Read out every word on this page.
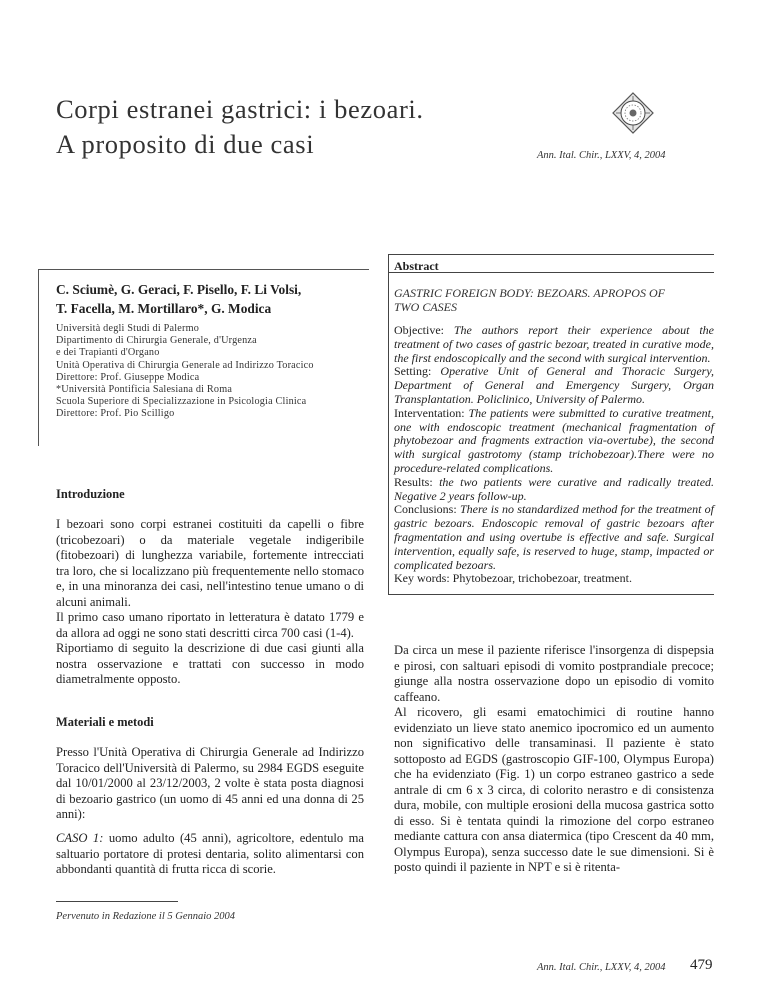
Corpi estranei gastrici: i bezoari.
A proposito di due casi	Ann. Ital. Chir., LXXV, 4, 2004
C. Sciumè, G. Geraci, F. Pisello, F. Li Volsi,
T. Facella, M. Mortillaro*, G. Modica
Università degli Studi di Palermo
Dipartimento di Chirurgia Generale, d'Urgenza
e dei Trapianti d'Organo
Unità Operativa di Chirurgia Generale ad Indirizzo Toracico
Direttore: Prof. Giuseppe Modica
*Università Pontificia Salesiana di Roma
Scuola Superiore di Specializzazione in Psicologia Clinica
Direttore: Prof. Pio Scilligo
Abstract
GASTRIC FOREIGN BODY: BEZOARS. APROPOS OF
TWO CASES

Objective: The authors report their experience about the treatment of two cases of gastric bezoar, treated in curative mode, the first endoscopically and the second with surgical intervention.

Setting: Operative Unit of General and Thoracic Surgery, Department of General and Emergency Surgery, Organ Transplantation. Policlinico, University of Palermo.

Interventation: The patients were submitted to curative treatment, one with endoscopic treatment (mechanical fragmentation of phytobezoar and fragments extraction via-overtube), the second with surgical gastrotomy (stamp trichobezoar).There were no procedure-related complications.

Results: the two patients were curative and radically treated. Negative 2 years follow-up.

Conclusions: There is no standardized method for the treatment of gastric bezoars. Endoscopic removal of gastric bezoars after fragmentation and using overtube is effective and safe. Surgical intervention, equally safe, is reserved to huge, stamp, impacted or complicated bezoars.

Key words: Phytobezoar, trichobezoar, treatment.

Introduzione

I bezoari sono corpi estranei costituiti da capelli o fibre (tricobezoari) o da materiale vegetale indigeribile (fitobezoari) di lunghezza variabile, fortemente intrecciati tra loro, che si localizzano più frequentemente nello stomaco e, in una minoranza dei casi, nell'intestino tenue umano o di alcuni animali.

Il primo caso umano riportato in letteratura è datato 1779 e da allora ad oggi ne sono stati descritti circa 700 casi (1-4).

Riportiamo di seguito la descrizione di due casi giunti alla nostra osservazione e trattati con successo in modo diametralmente opposto.

Materiali e metodi

Presso l'Unità Operativa di Chirurgia Generale ad Indirizzo Toracico dell'Università di Palermo, su 2984 EGDS eseguite dal 10/01/2000 al 23/12/2003, 2 volte è stata posta diagnosi di bezoario gastrico (un uomo di 45 anni ed una donna di 25 anni):

CASO 1: uomo adulto (45 anni), agricoltore, edentulo ma saltuario portatore di protesi dentaria, solito alimentarsi con abbondanti quantità di frutta ricca di scorie.

Da circa un mese il paziente riferisce l'insorgenza di dispepsia e pirosi, con saltuari episodi di vomito postprandiale precoce; giunge alla nostra osservazione dopo un episodio di vomito caffeano.

Al ricovero, gli esami ematochimici di routine hanno evidenziato un lieve stato anemico ipocromico ed un aumento non significativo delle transaminasi. Il paziente è stato sottoposto ad EGDS (gastroscopio GIF-100, Olympus Europa) che ha evidenziato (Fig. 1) un corpo estraneo gastrico a sede antrale di cm 6 x 3 circa, di colorito nerastro e di consistenza dura, mobile, con multiple erosioni della mucosa gastrica sotto di esso. Si è tentata quindi la rimozione del corpo estraneo mediante cattura con ansa diatermica (tipo Crescent da 40 mm, Olympus Europa), senza successo date le sue dimensioni. Si è posto quindi il paziente in NPT e si è ritenta-

Pervenuto in Redazione il 5 Gennaio 2004
Ann. Ital. Chir., LXXV, 4, 2004 479
